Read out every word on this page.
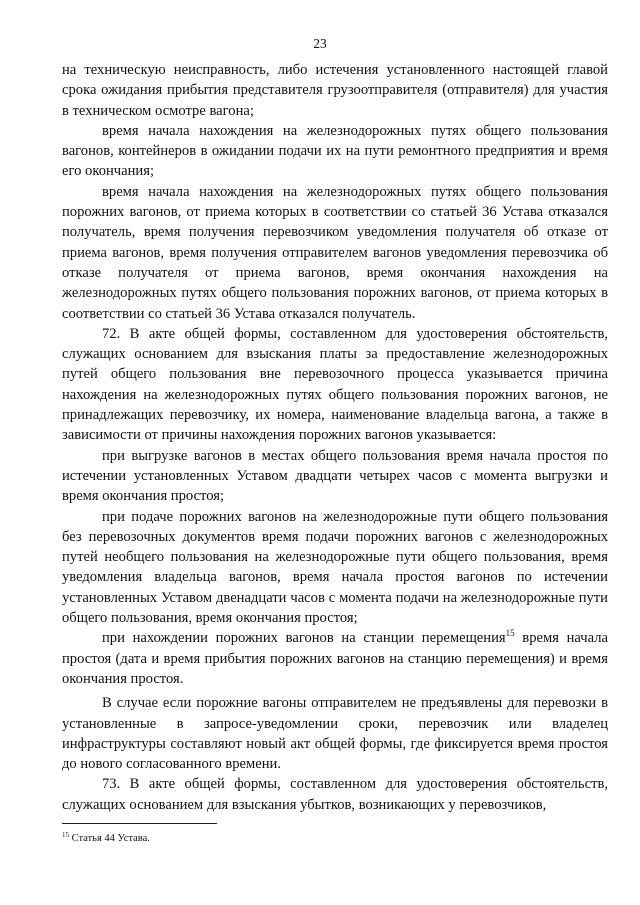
23

на техническую неисправность, либо истечения установленного настоящей главой срока ожидания прибытия представителя грузоотправителя (отправителя) для участия в техническом осмотре вагона;

время начала нахождения на железнодорожных путях общего пользования вагонов, контейнеров в ожидании подачи их на пути ремонтного предприятия и время его окончания;

время начала нахождения на железнодорожных путях общего пользования порожних вагонов, от приема которых в соответствии со статьей 36 Устава отказался получатель, время получения перевозчиком уведомления получателя об отказе от приема вагонов, время получения отправителем вагонов уведомления перевозчика об отказе получателя от приема вагонов, время окончания нахождения на железнодорожных путях общего пользования порожних вагонов, от приема которых в соответствии со статьей 36 Устава отказался получатель.

72. В акте общей формы, составленном для удостоверения обстоятельств, служащих основанием для взыскания платы за предоставление железнодорожных путей общего пользования вне перевозочного процесса указывается причина нахождения на железнодорожных путях общего пользования порожних вагонов, не принадлежащих перевозчику, их номера, наименование владельца вагона, а также в зависимости от причины нахождения порожних вагонов указывается:

при выгрузке вагонов в местах общего пользования время начала простоя по истечении установленных Уставом двадцати четырех часов с момента выгрузки и время окончания простоя;

при подаче порожних вагонов на железнодорожные пути общего пользования без перевозочных документов время подачи порожних вагонов с железнодорожных путей необщего пользования на железнодорожные пути общего пользования, время уведомления владельца вагонов, время начала простоя вагонов по истечении установленных Уставом двенадцати часов с момента подачи на железнодорожные пути общего пользования, время окончания простоя;

при нахождении порожних вагонов на станции перемещения$^{15}$ время начала простоя (дата и время прибытия порожних вагонов на станцию перемещения) и время окончания простоя.

В случае если порожние вагоны отправителем не предъявлены для перевозки в установленные в запросе-уведомлении сроки, перевозчик или владелец инфраструктуры составляют новый акт общей формы, где фиксируется время простоя до нового согласованного времени.

73. В акте общей формы, составленном для удостоверения обстоятельств, служащих основанием для взыскания убытков, возникающих у перевозчиков,

$^{15}$ Статья 44 Устава.
